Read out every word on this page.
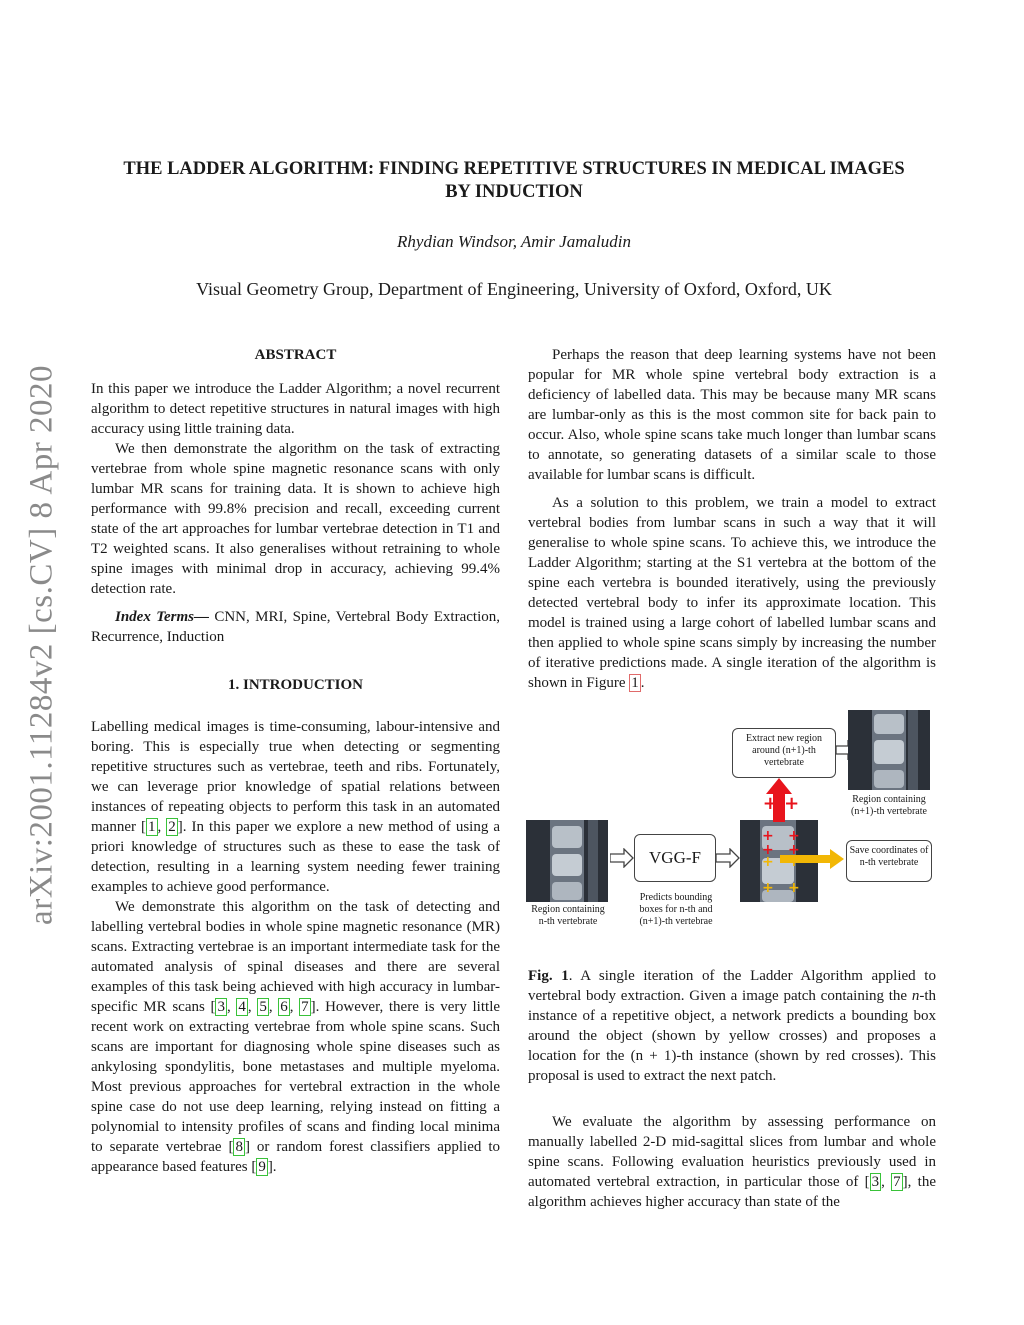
arXiv:2001.11284v2 [cs.CV] 8 Apr 2020
THE LADDER ALGORITHM: FINDING REPETITIVE STRUCTURES IN MEDICAL IMAGES
BY INDUCTION
Rhydian Windsor, Amir Jamaludin
Visual Geometry Group, Department of Engineering, University of Oxford, Oxford, UK

ABSTRACT

In this paper we introduce the Ladder Algorithm; a novel recurrent algorithm to detect repetitive structures in natural images with high accuracy using little training data.

We then demonstrate the algorithm on the task of extracting vertebrae from whole spine magnetic resonance scans with only lumbar MR scans for training data. It is shown to achieve high performance with 99.8% precision and recall, exceeding current state of the art approaches for lumbar vertebrae detection in T1 and T2 weighted scans. It also generalises without retraining to whole spine images with minimal drop in accuracy, achieving 99.4% detection rate.

Index Terms— CNN, MRI, Spine, Vertebral Body Extraction, Recurrence, Induction

1. INTRODUCTION

Labelling medical images is time-consuming, labour-intensive and boring. This is especially true when detecting or segmenting repetitive structures such as vertebrae, teeth and ribs. Fortunately, we can leverage prior knowledge of spatial relations between instances of repeating objects to perform this task in an automated manner [ 1 , 2 ]. In this paper we explore a new method of using a priori knowledge of structures such as these to ease the task of detection, resulting in a learning system needing fewer training examples to achieve good performance.

We demonstrate this algorithm on the task of detecting and labelling vertebral bodies in whole spine magnetic resonance (MR) scans. Extracting vertebrae is an important intermediate task for the automated analysis of spinal diseases and there are several examples of this task being achieved with high accuracy in lumbar-specific MR scans [ 3 , 4 , 5 , 6 , 7 ]. However, there is very little recent work on extracting vertebrae from whole spine scans. Such scans are important for diagnosing whole spine diseases such as ankylosing spondylitis, bone metastases and multiple myeloma. Most previous approaches for vertebral extraction in the whole spine case do not use deep learning, relying instead on fitting a polynomial to intensity profiles of scans and finding local minima to separate vertebrae [ 8 ] or random forest classifiers applied to appearance based features [ 9 ].

Perhaps the reason that deep learning systems have not been popular for MR whole spine vertebral body extraction is a deficiency of labelled data. This may be because many MR scans are lumbar-only as this is the most common site for back pain to occur. Also, whole spine scans take much longer than lumbar scans to annotate, so generating datasets of a similar scale to those available for lumbar scans is difficult.

As a solution to this problem, we train a model to extract vertebral bodies from lumbar scans in such a way that it will generalise to whole spine scans. To achieve this, we introduce the Ladder Algorithm; starting at the S1 vertebra at the bottom of the spine each vertebra is bounded iteratively, using the previously detected vertebral body to infer its approximate location. This model is trained using a large cohort of labelled lumbar scans and then applied to whole spine scans simply by increasing the number of iterative predictions made. A single iteration of the algorithm is shown in Figure 1 .

Region containing n-th vertebrate
VGG-F
Predicts bounding boxes for n-th and (n+1)-th vertebrae
+ +
+ +
+
+ +
Save coordinates of n-th vertebrate
+ +
Extract new region around (n+1)-th vertebrate
Region containing (n+1)-th vertebrate
Fig. 1. A single iteration of the Ladder Algorithm applied to vertebral body extraction. Given a image patch containing the n-th instance of a repetitive object, a network predicts a bounding box around the object (shown by yellow crosses) and proposes a location for the (n + 1)-th instance (shown by red crosses). This proposal is used to extract the next patch.

We evaluate the algorithm by assessing performance on manually labelled 2-D mid-sagittal slices from lumbar and whole spine scans. Following evaluation heuristics previously used in automated vertebral extraction, in particular those of [ 3 , 7 ], the algorithm achieves higher accuracy than state of the
